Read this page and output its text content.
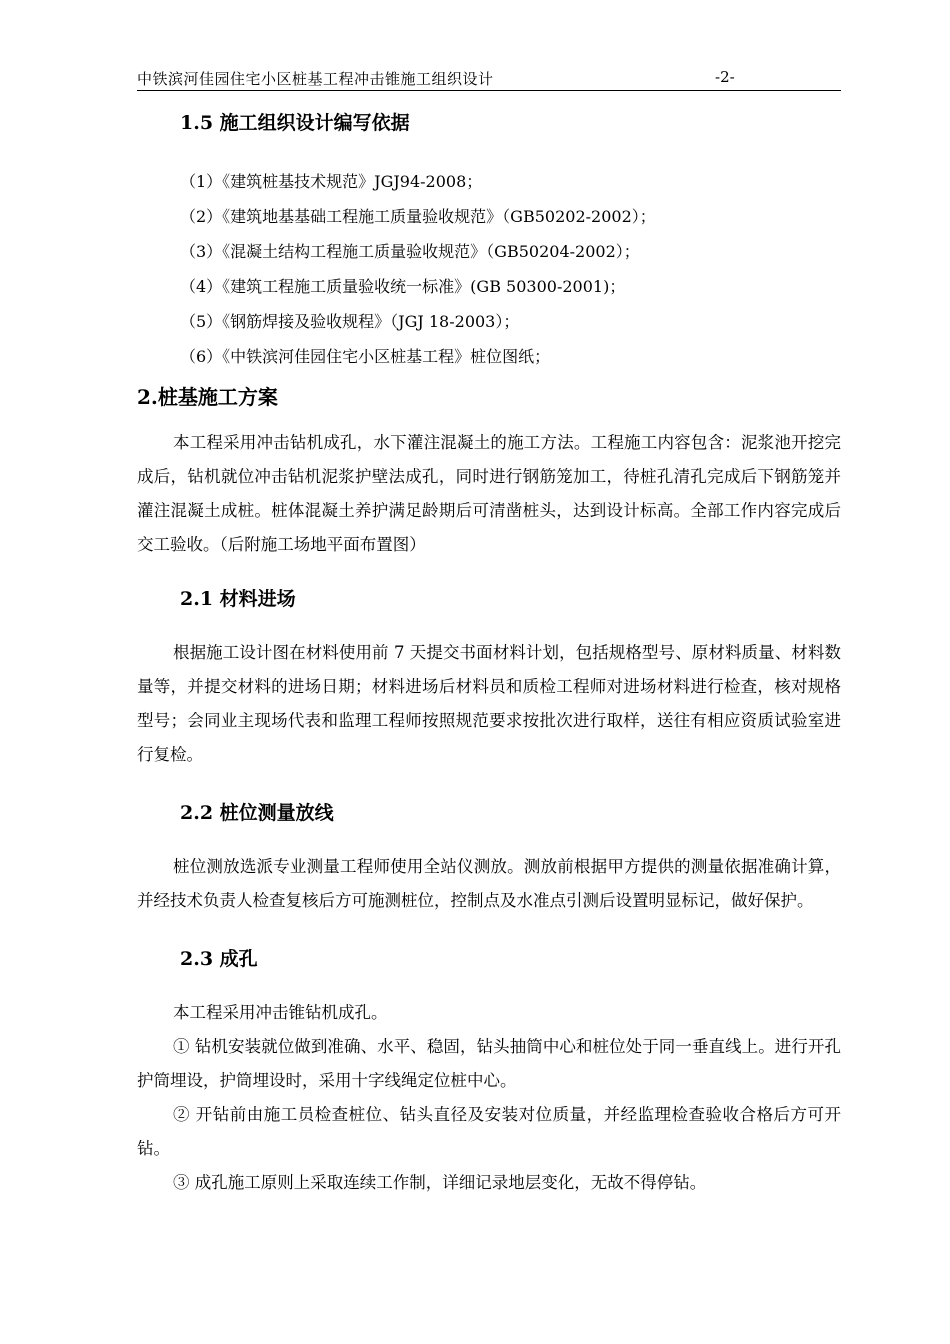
中铁滨河佳园住宅小区桩基工程冲击锥施工组织设计	-2-

1.5 施工组织设计编写依据

（1）《建筑桩基技术规范》JGJ94-2008；
（2）《建筑地基基础工程施工质量验收规范》（GB50202-2002）；
（3）《混凝土结构工程施工质量验收规范》（GB50204-2002）；
（4）《建筑工程施工质量验收统一标准》(GB 50300-2001)；
（5）《钢筋焊接及验收规程》（JGJ 18-2003）；
（6）《中铁滨河佳园住宅小区桩基工程》桩位图纸；

2.桩基施工方案

本工程采用冲击钻机成孔，水下灌注混凝土的施工方法。工程施工内容包含：泥浆池开挖完成后，钻机就位冲击钻机泥浆护壁法成孔，同时进行钢筋笼加工，待桩孔清孔完成后下钢筋笼并灌注混凝土成桩。桩体混凝土养护满足龄期后可清凿桩头，达到设计标高。全部工作内容完成后交工验收。（后附施工场地平面布置图）

2.1 材料进场

根据施工设计图在材料使用前 7 天提交书面材料计划，包括规格型号、原材料质量、材料数量等，并提交材料的进场日期；材料进场后材料员和质检工程师对进场材料进行检查，核对规格型号；会同业主现场代表和监理工程师按照规范要求按批次进行取样，送往有相应资质试验室进行复检。

2.2 桩位测量放线

桩位测放选派专业测量工程师使用全站仪测放。测放前根据甲方提供的测量依据准确计算，并经技术负责人检查复核后方可施测桩位，控制点及水准点引测后设置明显标记，做好保护。

2.3 成孔

本工程采用冲击锥钻机成孔。

① 钻机安装就位做到准确、水平、稳固，钻头抽筒中心和桩位处于同一垂直线上。进行开孔护筒埋设，护筒埋设时，采用十字线绳定位桩中心。

② 开钻前由施工员检查桩位、钻头直径及安装对位质量，并经监理检查验收合格后方可开钻。

③ 成孔施工原则上采取连续工作制，详细记录地层变化，无故不得停钻。
